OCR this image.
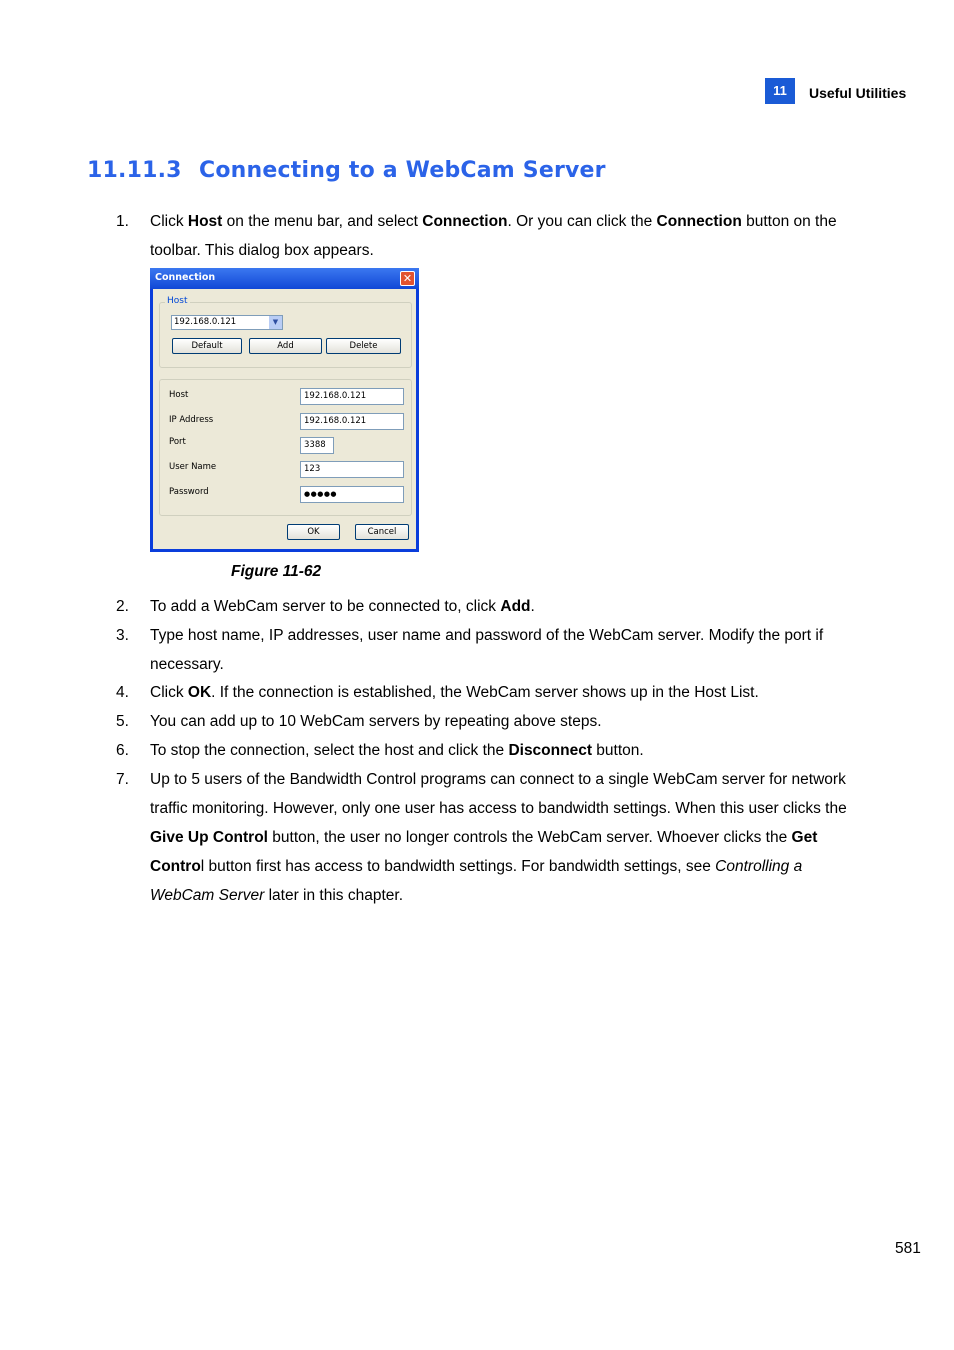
11	Useful Utilities
11.11.3 Connecting to a WebCam Server
1. Click Host on the menu bar, and select Connection. Or you can click the Connection button on the toolbar. This dialog box appears.
Connection	✕
Host
192.168.0.121	▼
Default	Add	Delete
Host	192.168.0.121
IP Address	192.168.0.121
Port	3388
User Name	123
Password	●●●●●
OK	Cancel
Figure 11-62
2. To add a WebCam server to be connected to, click Add.
3. Type host name, IP addresses, user name and password of the WebCam server. Modify the port if necessary.
4. Click OK. If the connection is established, the WebCam server shows up in the Host List.
5. You can add up to 10 WebCam servers by repeating above steps.
6. To stop the connection, select the host and click the Disconnect button.
7. Up to 5 users of the Bandwidth Control programs can connect to a single WebCam server for network traffic monitoring. However, only one user has access to bandwidth settings. When this user clicks the Give Up Control button, the user no longer controls the WebCam server. Whoever clicks the Get Control button first has access to bandwidth settings. For bandwidth settings, see Controlling a WebCam Server later in this chapter.
581
